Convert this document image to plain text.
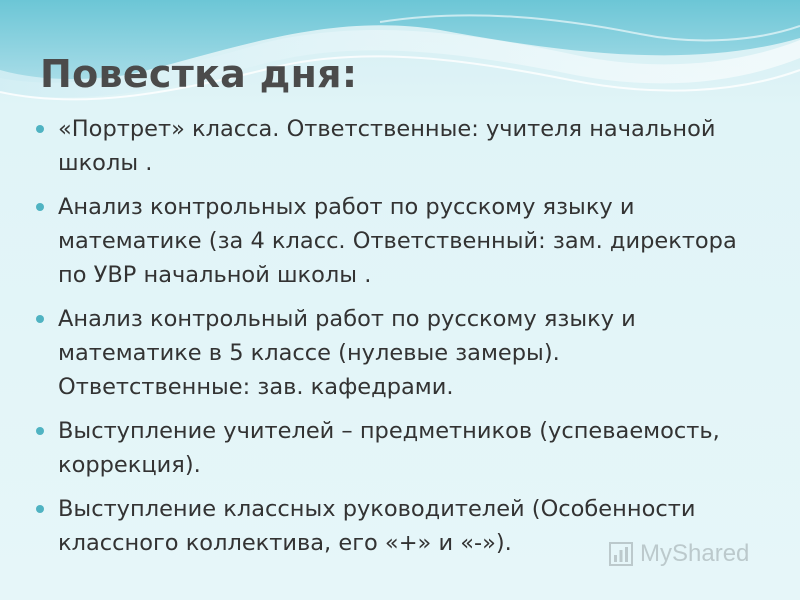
Повестка дня:
«Портрет» класса. Ответственные: учителя начальной школы .
Анализ контрольных работ по русскому языку и математике (за 4 класс. Ответственный: зам. директора по УВР начальной школы .
Анализ контрольный работ по русскому языку и математике в 5 классе (нулевые замеры). Ответственные: зав. кафедрами.
Выступление учителей – предметников (успеваемость, коррекция).
Выступление классных руководителей (Особенности классного коллектива, его «+» и «-»).	MyShared
